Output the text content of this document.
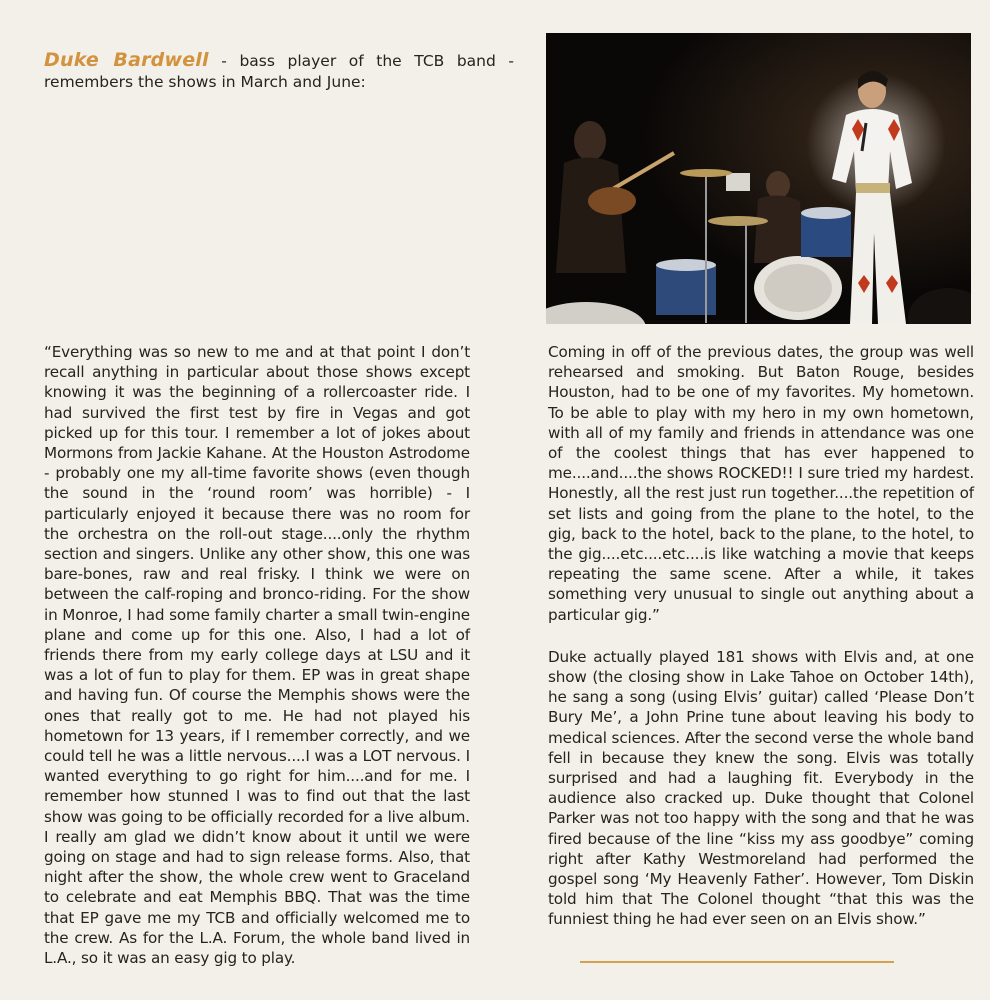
Duke Bardwell - bass player of the TCB band - remembers the shows in March and June:

“Everything was so new to me and at that point I don’t recall anything in particular about those shows except knowing it was the beginning of a rollercoaster ride. I had survived the first test by fire in Vegas and got picked up for this tour. I remember a lot of jokes about Mormons from Jackie Kahane. At the Houston Astrodome - probably one my all-time favorite shows (even though the sound in the ‘round room’ was horrible) - I particularly enjoyed it because there was no room for the orchestra on the roll-out stage....only the rhythm section and singers. Unlike any other show, this one was bare-bones, raw and real frisky. I think we were on between the calf-roping and bronco-riding. For the show in Monroe, I had some family charter a small twin-engine plane and come up for this one. Also, I had a lot of friends there from my early college days at LSU and it was a lot of fun to play for them. EP was in great shape and having fun. Of course the Memphis shows were the ones that really got to me. He had not played his hometown for 13 years, if I remember correctly, and we could tell he was a little nervous....I was a LOT nervous. I wanted everything to go right for him....and for me. I remember how stunned I was to find out that the last show was going to be officially recorded for a live album. I really am glad we didn’t know about it until we were going on stage and had to sign release forms. Also, that night after the show, the whole crew went to Graceland to celebrate and eat Memphis BBQ. That was the time that EP gave me my TCB and officially welcomed me to the crew. As for the L.A. Forum, the whole band lived in L.A., so it was an easy gig to play.

Coming in off of the previous dates, the group was well rehearsed and smoking. But Baton Rouge, besides Houston, had to be one of my favorites. My hometown. To be able to play with my hero in my own hometown, with all of my family and friends in attendance was one of the coolest things that has ever happened to me....and....the shows ROCKED!! I sure tried my hardest. Honestly, all the rest just run together....the repetition of set lists and going from the plane to the hotel, to the gig, back to the hotel, back to the plane, to the hotel, to the gig....etc....etc....is like watching a movie that keeps repeating the same scene. After a while, it takes something very unusual to single out anything about a particular gig.”

Duke actually played 181 shows with Elvis and, at one show (the closing show in Lake Tahoe on October 14th), he sang a song (using Elvis’ guitar) called ‘Please Don’t Bury Me’, a John Prine tune about leaving his body to medical sciences. After the second verse the whole band fell in because they knew the song. Elvis was totally surprised and had a laughing fit. Everybody in the audience also cracked up. Duke thought that Colonel Parker was not too happy with the song and that he was fired because of the line “kiss my ass goodbye” coming right after Kathy Westmoreland had performed the gospel song ‘My Heavenly Father’. However, Tom Diskin told him that The Colonel thought “that this was the funniest thing he had ever seen on an Elvis show.”
